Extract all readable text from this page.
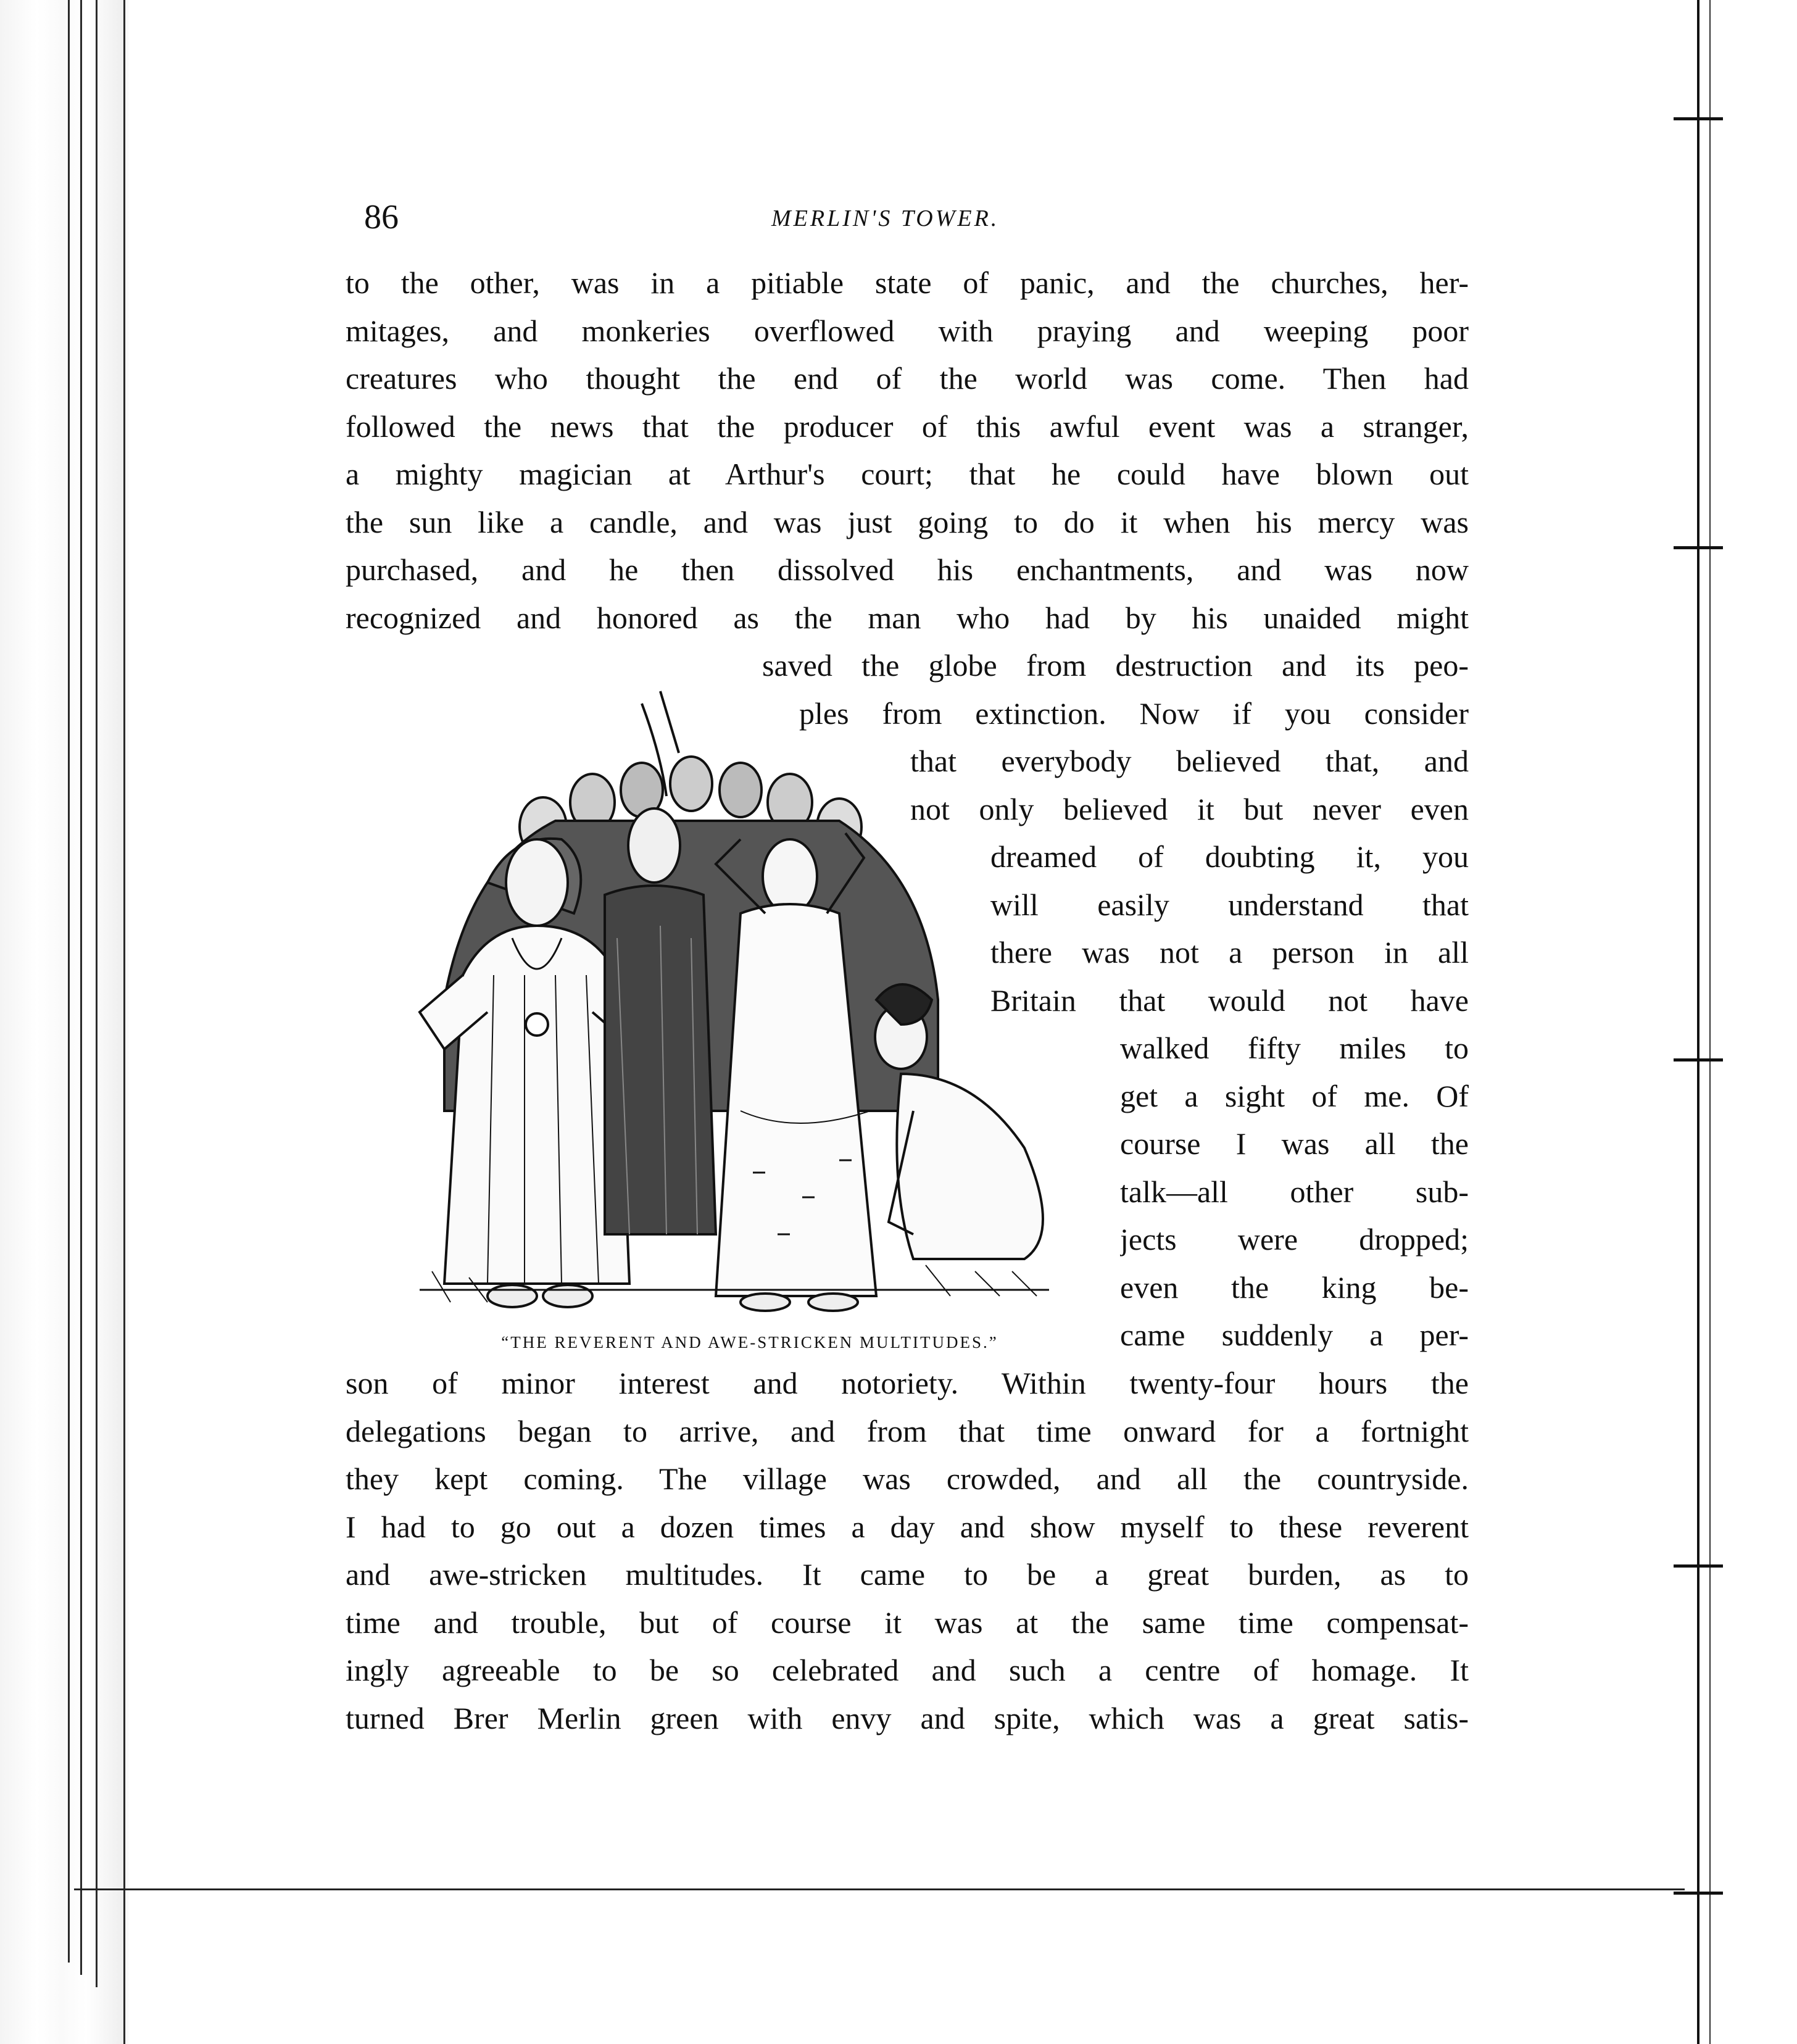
86	MERLIN'S TOWER.
to the other, was in a pitiable state of panic, and the churches, her-
mitages, and monkeries overflowed with praying and weeping poor
creatures who thought the end of the world was come. Then had
followed the news that the producer of this awful event was a stranger,
a mighty magician at Arthur's court; that he could have blown out
the sun like a candle, and was just going to do it when his mercy was
purchased, and he then dissolved his enchantments, and was now
recognized and honored as the man who had by his unaided might
saved the globe from destruction and its peo-
ples from extinction. Now if you consider
that everybody believed that, and
not only believed it but never even
dreamed of doubting it, you
will easily understand that
there was not a person in all
Britain that would not have
walked fifty miles to
get a sight of me. Of
course I was all the
talk—all other sub-
jects were dropped;
even the king be-
came suddenly a per-
son of minor interest and notoriety. Within twenty-four hours the
delegations began to arrive, and from that time onward for a fortnight
they kept coming. The village was crowded, and all the countryside.
I had to go out a dozen times a day and show myself to these reverent
and awe-stricken multitudes. It came to be a great burden, as to
time and trouble, but of course it was at the same time compensat-
ingly agreeable to be so celebrated and such a centre of homage. It
turned Brer Merlin green with envy and spite, which was a great satis-
“THE REVERENT AND AWE-STRICKEN MULTITUDES.”
